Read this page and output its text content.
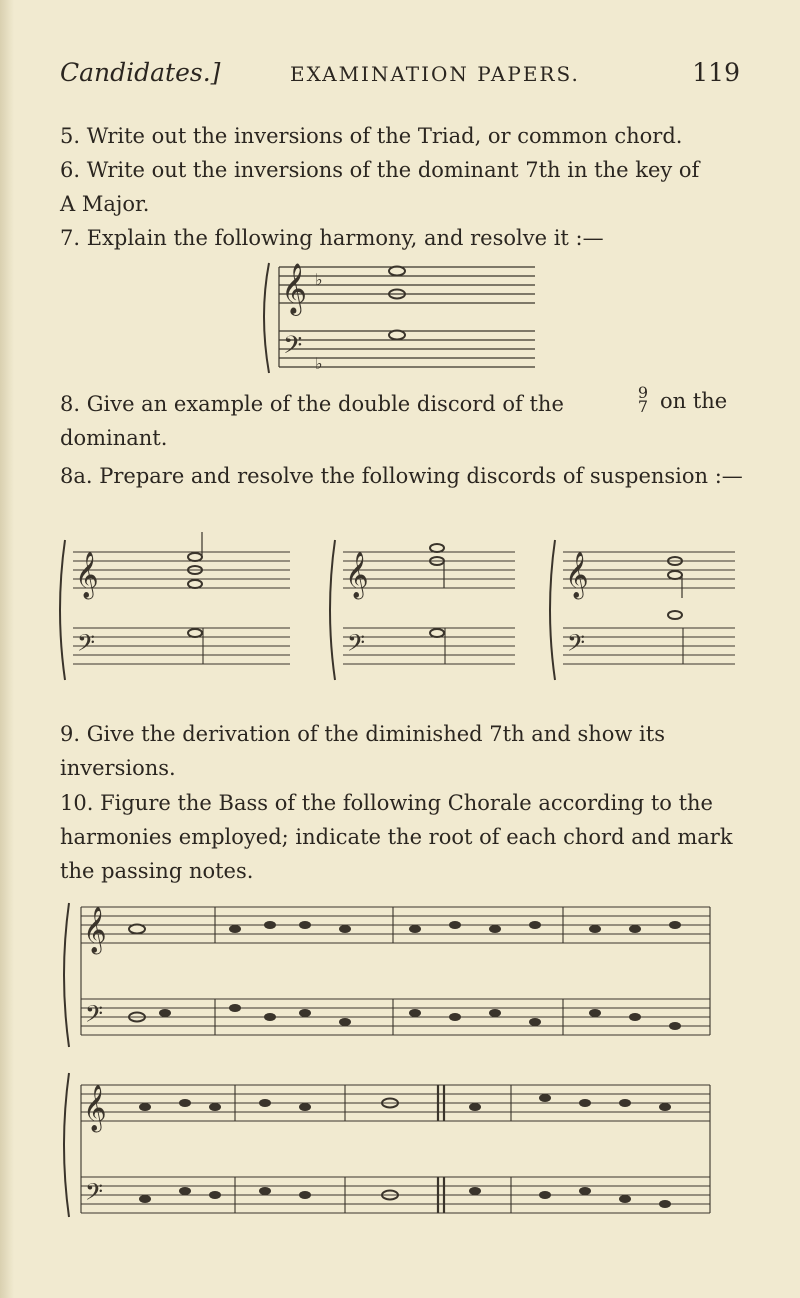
Candidates.]	EXAMINATION PAPERS.	119
5. Write out the inversions of the Triad, or common chord.
6. Write out the inversions of the dominant 7th in the key of
A Major.
7. Explain the following harmony, and resolve it :—
𝄞
𝄢
♭
♭
8. Give an example of the double discord of the	9
7 on the
dominant.
8a. Prepare and resolve the following discords of suspension :—
𝄞	𝄞	𝄞
𝄢	𝄢	𝄢
9. Give the derivation of the diminished 7th and show its
inversions.
10. Figure the Bass of the following Chorale according to the
harmonies employed; indicate the root of each chord and mark
the passing notes.
𝄞
𝄢
𝄞
𝄢
